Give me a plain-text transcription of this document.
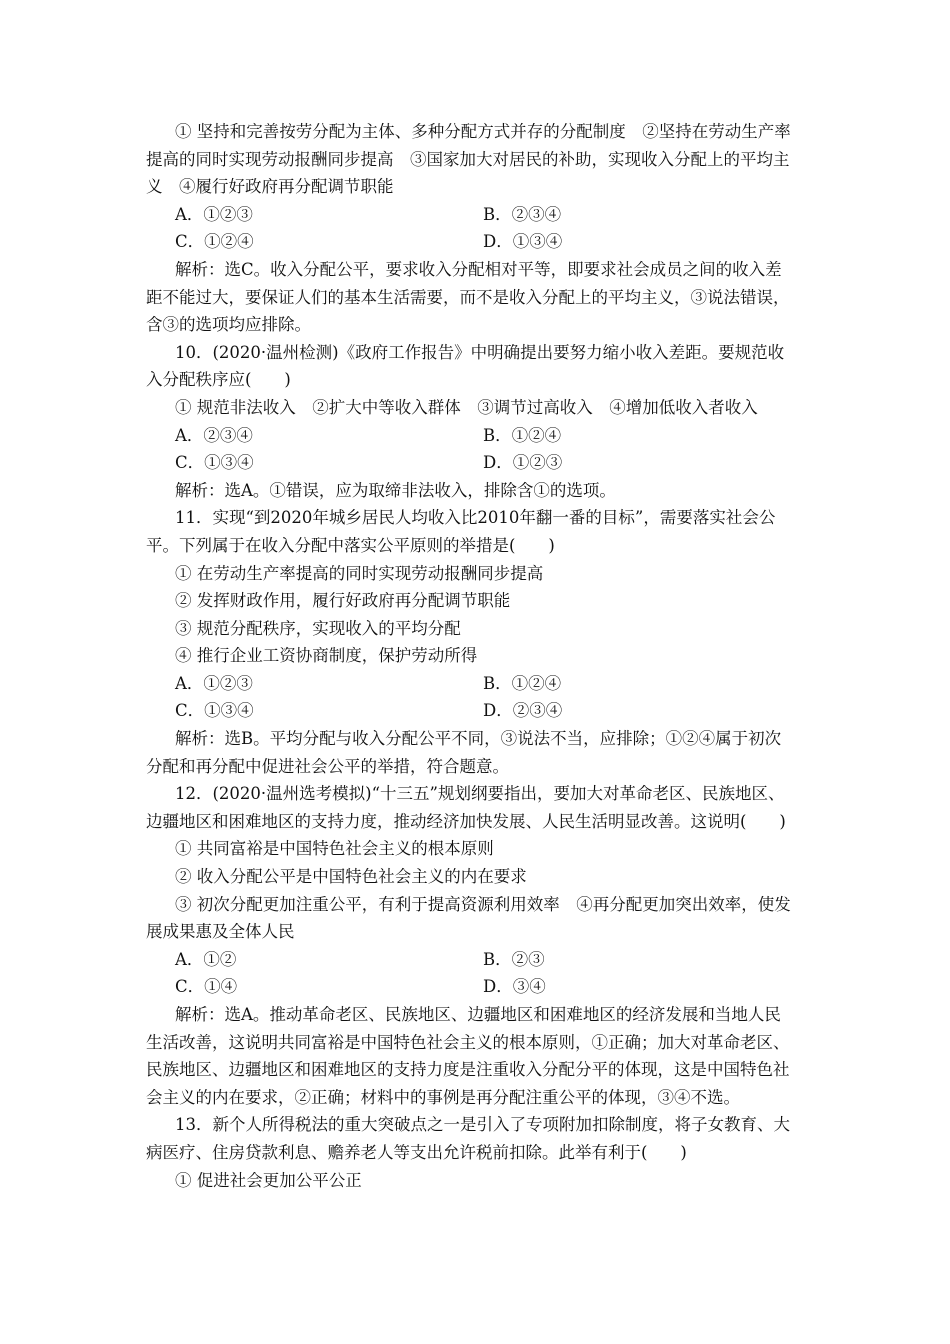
① 坚持和完善按劳分配为主体、多种分配方式并存的分配制度　②坚持在劳动生产率
提高的同时实现劳动报酬同步提高　③国家加大对居民的补助，实现收入分配上的平均主
义　④履行好政府再分配调节职能
A．①②③	B．②③④
C．①②④	D．①③④
解析：选C。收入分配公平，要求收入分配相对平等，即要求社会成员之间的收入差
距不能过大，要保证人们的基本生活需要，而不是收入分配上的平均主义，③说法错误，
含③的选项均应排除。
10．(2020·温州检测)《政府工作报告》中明确提出要努力缩小收入差距。要规范收
入分配秩序应(　　)
① 规范非法收入　②扩大中等收入群体　③调节过高收入　④增加低收入者收入
A．②③④	B．①②④
C．①③④	D．①②③
解析：选A。①错误，应为取缔非法收入，排除含①的选项。
11．实现“到2020年城乡居民人均收入比2010年翻一番的目标”，需要落实社会公
平。下列属于在收入分配中落实公平原则的举措是(　　)
① 在劳动生产率提高的同时实现劳动报酬同步提高
② 发挥财政作用，履行好政府再分配调节职能
③ 规范分配秩序，实现收入的平均分配
④ 推行企业工资协商制度，保护劳动所得
A．①②③	B．①②④
C．①③④	D．②③④
解析：选B。平均分配与收入分配公平不同，③说法不当，应排除；①②④属于初次
分配和再分配中促进社会公平的举措，符合题意。
12．(2020·温州选考模拟)“十三五”规划纲要指出，要加大对革命老区、民族地区、
边疆地区和困难地区的支持力度，推动经济加快发展、人民生活明显改善。这说明(　　)
① 共同富裕是中国特色社会主义的根本原则
② 收入分配公平是中国特色社会主义的内在要求
③ 初次分配更加注重公平，有利于提高资源利用效率　④再分配更加突出效率，使发
展成果惠及全体人民
A．①②	B．②③
C．①④	D．③④
解析：选A。推动革命老区、民族地区、边疆地区和困难地区的经济发展和当地人民
生活改善，这说明共同富裕是中国特色社会主义的根本原则，①正确；加大对革命老区、
民族地区、边疆地区和困难地区的支持力度是注重收入分配分平的体现，这是中国特色社
会主义的内在要求，②正确；材料中的事例是再分配注重公平的体现，③④不选。
13．新个人所得税法的重大突破点之一是引入了专项附加扣除制度，将子女教育、大
病医疗、住房贷款利息、赡养老人等支出允许税前扣除。此举有利于(　　)
① 促进社会更加公平公正
